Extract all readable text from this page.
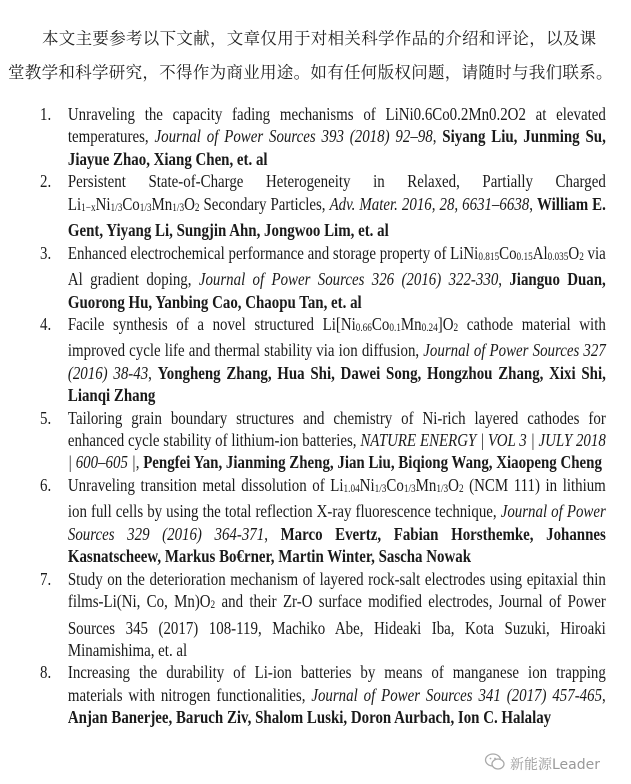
本文主要参考以下文献，文章仅用于对相关科学作品的介绍和评论，以及课
堂教学和科学研究，不得作为商业用途。如有任何版权问题，请随时与我们联系。
1. Unraveling the capacity fading mechanisms of LiNi0.6Co0.2Mn0.2O2 at elevated temperatures, Journal of Power Sources 393 (2018) 92–98, Siyang Liu, Junming Su, Jiayue Zhao, Xiang Chen, et. al
2. Persistent State-of-Charge Heterogeneity in Relaxed, Partially Charged Li1−xNi1/3Co1/3Mn1/3O2 Secondary Particles, Adv. Mater. 2016, 28, 6631–6638, William E. Gent, Yiyang Li, Sungjin Ahn, Jongwoo Lim, et. al
3. Enhanced electrochemical performance and storage property of LiNi0.815Co0.15Al0.035O2 via Al gradient doping, Journal of Power Sources 326 (2016) 322-330, Jianguo Duan, Guorong Hu, Yanbing Cao, Chaopu Tan, et. al
4. Facile synthesis of a novel structured Li[Ni0.66Co0.1Mn0.24]O2 cathode material with improved cycle life and thermal stability via ion diffusion, Journal of Power Sources 327 (2016) 38-43, Yongheng Zhang, Hua Shi, Dawei Song, Hongzhou Zhang, Xixi Shi, Lianqi Zhang
5. Tailoring grain boundary structures and chemistry of Ni-rich layered cathodes for enhanced cycle stability of lithium-ion batteries, NATURE ENERGY | VOL 3 | JULY 2018 | 600–605 |, Pengfei Yan, Jianming Zheng, Jian Liu, Biqiong Wang, Xiaopeng Cheng
6. Unraveling transition metal dissolution of Li1.04Ni1/3Co1/3Mn1/3O2 (NCM 111) in lithium ion full cells by using the total reflection X-ray fluorescence technique, Journal of Power Sources 329 (2016) 364-371, Marco Evertz, Fabian Horsthemke, Johannes Kasnatscheew, Markus Bo€rner, Martin Winter, Sascha Nowak
7. Study on the deterioration mechanism of layered rock-salt electrodes using epitaxial thin films-Li(Ni, Co, Mn)O2 and their Zr-O surface modified electrodes, Journal of Power Sources 345 (2017) 108-119, Machiko Abe, Hideaki Iba, Kota Suzuki, Hiroaki Minamishima, et. al
8. Increasing the durability of Li-ion batteries by means of manganese ion trapping materials with nitrogen functionalities, Journal of Power Sources 341 (2017) 457-465, Anjan Banerjee, Baruch Ziv, Shalom Luski, Doron Aurbach, Ion C. Halalay
新能源Leader
